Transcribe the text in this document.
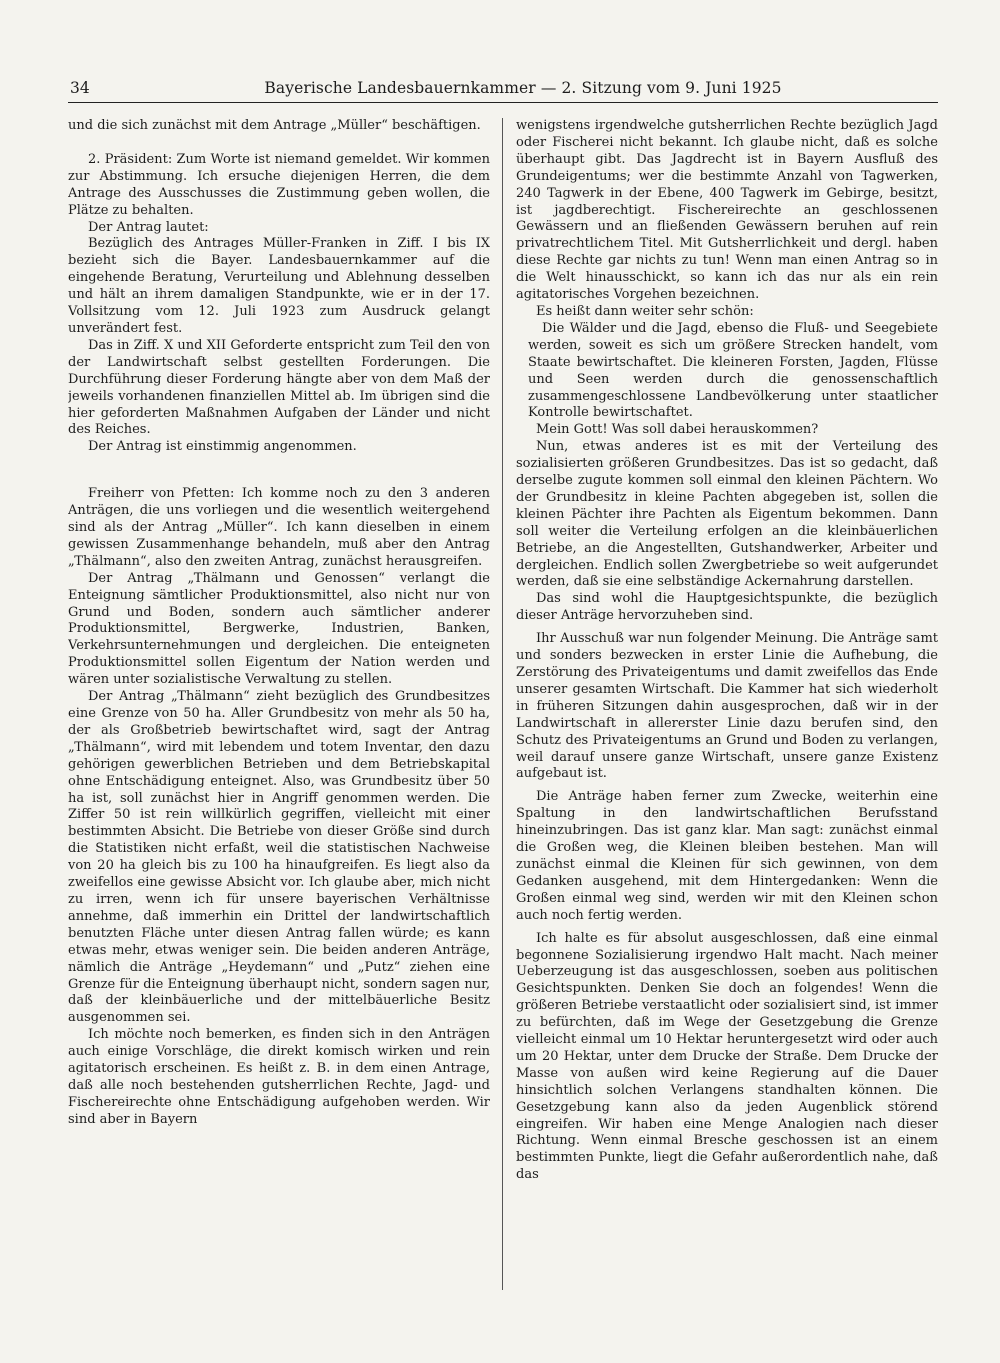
34	Bayerische Landesbauernkammer — 2. Sitzung vom 9. Juni 1925

und die sich zunächst mit dem Antrage „Müller“ beschäftigen.

2. Präsident: Zum Worte ist niemand gemeldet. Wir kommen zur Abstimmung. Ich ersuche diejenigen Herren, die dem Antrage des Ausschusses die Zustimmung geben wollen, die Plätze zu behalten.

Der Antrag lautet:

Bezüglich des Antrages Müller-Franken in Ziff. I bis IX bezieht sich die Bayer. Landesbauernkammer auf die eingehende Beratung, Verurteilung und Ablehnung desselben und hält an ihrem damaligen Standpunkte, wie er in der 17. Vollsitzung vom 12. Juli 1923 zum Ausdruck gelangt unverändert fest.

Das in Ziff. X und XII Geforderte entspricht zum Teil den von der Landwirtschaft selbst gestellten Forderungen. Die Durchführung dieser Forderung hängte aber von dem Maß der jeweils vorhandenen finanziellen Mittel ab. Im übrigen sind die hier geforderten Maßnahmen Aufgaben der Länder und nicht des Reiches.

Der Antrag ist einstimmig angenommen.

Freiherr von Pfetten: Ich komme noch zu den 3 anderen Anträgen, die uns vorliegen und die wesentlich weitergehend sind als der Antrag „Müller“. Ich kann dieselben in einem gewissen Zusammenhange behandeln, muß aber den Antrag „Thälmann“, also den zweiten Antrag, zunächst herausgreifen.

Der Antrag „Thälmann und Genossen“ verlangt die Enteignung sämtlicher Produktionsmittel, also nicht nur von Grund und Boden, sondern auch sämtlicher anderer Produktionsmittel, Bergwerke, Industrien, Banken, Verkehrsunternehmungen und dergleichen. Die enteigneten Produktionsmittel sollen Eigentum der Nation werden und wären unter sozialistische Verwaltung zu stellen.

Der Antrag „Thälmann“ zieht bezüglich des Grundbesitzes eine Grenze von 50 ha. Aller Grundbesitz von mehr als 50 ha, der als Großbetrieb bewirtschaftet wird, sagt der Antrag „Thälmann“, wird mit lebendem und totem Inventar, den dazu gehörigen gewerblichen Betrieben und dem Betriebskapital ohne Entschädigung enteignet. Also, was Grundbesitz über 50 ha ist, soll zunächst hier in Angriff genommen werden. Die Ziffer 50 ist rein willkürlich gegriffen, vielleicht mit einer bestimmten Absicht. Die Betriebe von dieser Größe sind durch die Statistiken nicht erfaßt, weil die statistischen Nachweise von 20 ha gleich bis zu 100 ha hinaufgreifen. Es liegt also da zweifellos eine gewisse Absicht vor. Ich glaube aber, mich nicht zu irren, wenn ich für unsere bayerischen Verhältnisse annehme, daß immerhin ein Drittel der landwirtschaftlich benutzten Fläche unter diesen Antrag fallen würde; es kann etwas mehr, etwas weniger sein. Die beiden anderen Anträge, nämlich die Anträge „Heydemann“ und „Putz“ ziehen eine Grenze für die Enteignung überhaupt nicht, sondern sagen nur, daß der kleinbäuerliche und der mittelbäuerliche Besitz ausgenommen sei.

Ich möchte noch bemerken, es finden sich in den Anträgen auch einige Vorschläge, die direkt komisch wirken und rein agitatorisch erscheinen. Es heißt z. B. in dem einen Antrage, daß alle noch bestehenden gutsherrlichen Rechte, Jagd- und Fischereirechte ohne Entschädigung aufgehoben werden. Wir sind aber in Bayern

wenigstens irgendwelche gutsherrlichen Rechte bezüglich Jagd oder Fischerei nicht bekannt. Ich glaube nicht, daß es solche überhaupt gibt. Das Jagdrecht ist in Bayern Ausfluß des Grundeigentums; wer die bestimmte Anzahl von Tagwerken, 240 Tagwerk in der Ebene, 400 Tagwerk im Gebirge, besitzt, ist jagdberechtigt. Fischereirechte an geschlossenen Gewässern und an fließenden Gewässern beruhen auf rein privatrechtlichem Titel. Mit Gutsherrlichkeit und dergl. haben diese Rechte gar nichts zu tun! Wenn man einen Antrag so in die Welt hinausschickt, so kann ich das nur als ein rein agitatorisches Vorgehen bezeichnen.

Es heißt dann weiter sehr schön:

Die Wälder und die Jagd, ebenso die Fluß- und Seegebiete werden, soweit es sich um größere Strecken handelt, vom Staate bewirtschaftet. Die kleineren Forsten, Jagden, Flüsse und Seen werden durch die genossenschaftlich zusammengeschlossene Landbevölkerung unter staatlicher Kontrolle bewirtschaftet.

Mein Gott! Was soll dabei herauskommen?

Nun, etwas anderes ist es mit der Verteilung des sozialisierten größeren Grundbesitzes. Das ist so gedacht, daß derselbe zugute kommen soll einmal den kleinen Pächtern. Wo der Grundbesitz in kleine Pachten abgegeben ist, sollen die kleinen Pächter ihre Pachten als Eigentum bekommen. Dann soll weiter die Verteilung erfolgen an die kleinbäuerlichen Betriebe, an die Angestellten, Gutshandwerker, Arbeiter und dergleichen. Endlich sollen Zwergbetriebe so weit aufgerundet werden, daß sie eine selbständige Ackernahrung darstellen.

Das sind wohl die Hauptgesichtspunkte, die bezüglich dieser Anträge hervorzuheben sind.

Ihr Ausschuß war nun folgender Meinung. Die Anträge samt und sonders bezwecken in erster Linie die Aufhebung, die Zerstörung des Privateigentums und damit zweifellos das Ende unserer gesamten Wirtschaft. Die Kammer hat sich wiederholt in früheren Sitzungen dahin ausgesprochen, daß wir in der Landwirtschaft in allererster Linie dazu berufen sind, den Schutz des Privateigentums an Grund und Boden zu verlangen, weil darauf unsere ganze Wirtschaft, unsere ganze Existenz aufgebaut ist.

Die Anträge haben ferner zum Zwecke, weiterhin eine Spaltung in den landwirtschaftlichen Berufsstand hineinzubringen. Das ist ganz klar. Man sagt: zunächst einmal die Großen weg, die Kleinen bleiben bestehen. Man will zunächst einmal die Kleinen für sich gewinnen, von dem Gedanken ausgehend, mit dem Hintergedanken: Wenn die Großen einmal weg sind, werden wir mit den Kleinen schon auch noch fertig werden.

Ich halte es für absolut ausgeschlossen, daß eine einmal begonnene Sozialisierung irgendwo Halt macht. Nach meiner Ueberzeugung ist das ausgeschlossen, soeben aus politischen Gesichtspunkten. Denken Sie doch an folgendes! Wenn die größeren Betriebe verstaatlicht oder sozialisiert sind, ist immer zu befürchten, daß im Wege der Gesetzgebung die Grenze vielleicht einmal um 10 Hektar heruntergesetzt wird oder auch um 20 Hektar, unter dem Drucke der Straße. Dem Drucke der Masse von außen wird keine Regierung auf die Dauer hinsichtlich solchen Verlangens standhalten können. Die Gesetzgebung kann also da jeden Augenblick störend eingreifen. Wir haben eine Menge Analogien nach dieser Richtung. Wenn einmal Bresche geschossen ist an einem bestimmten Punkte, liegt die Gefahr außerordentlich nahe, daß das
